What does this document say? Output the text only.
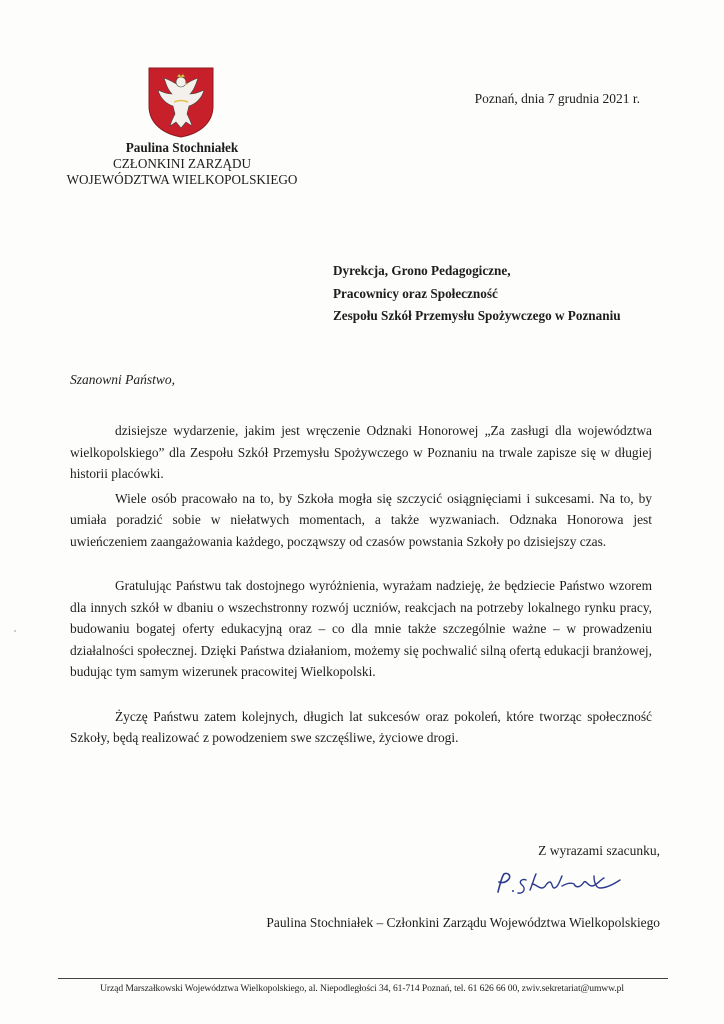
Paulina Stochniałek
CZŁONKINI ZARZĄDU
WOJEWÓDZTWA WIELKOPOLSKIEGO
Poznań, dnia 7 grudnia 2021 r.
Dyrekcja, Grono Pedagogiczne,
Pracownicy oraz Społeczność
Zespołu Szkół Przemysłu Spożywczego w Poznaniu
Szanowni Państwo,

dzisiejsze wydarzenie, jakim jest wręczenie Odznaki Honorowej „Za zasługi dla województwa wielkopolskiego” dla Zespołu Szkół Przemysłu Spożywczego w Poznaniu na trwale zapisze się w długiej historii placówki.

Wiele osób pracowało na to, by Szkoła mogła się szczycić osiągnięciami i sukcesami. Na to, by umiała poradzić sobie w niełatwych momentach, a także wyzwaniach. Odznaka Honorowa jest uwieńczeniem zaangażowania każdego, począwszy od czasów powstania Szkoły po dzisiejszy czas.

Gratulując Państwu tak dostojnego wyróżnienia, wyrażam nadzieję, że będziecie Państwo wzorem dla innych szkół w dbaniu o wszechstronny rozwój uczniów, reakcjach na potrzeby lokalnego rynku pracy, budowaniu bogatej oferty edukacyjną oraz – co dla mnie także szczególnie ważne – w prowadzeniu działalności społecznej. Dzięki Państwa działaniom, możemy się pochwalić silną ofertą edukacji branżowej, budując tym samym wizerunek pracowitej Wielkopolski.

Życzę Państwu zatem kolejnych, długich lat sukcesów oraz pokoleń, które tworząc społeczność Szkoły, będą realizować z powodzeniem swe szczęśliwe, życiowe drogi.

Z wyrazami szacunku,
Paulina Stochniałek – Członkini Zarządu Województwa Wielkopolskiego
Urząd Marszałkowski Województwa Wielkopolskiego, al. Niepodległości 34, 61-714 Poznań, tel. 61 626 66 00, zwiv.sekretariat@umww.pl
